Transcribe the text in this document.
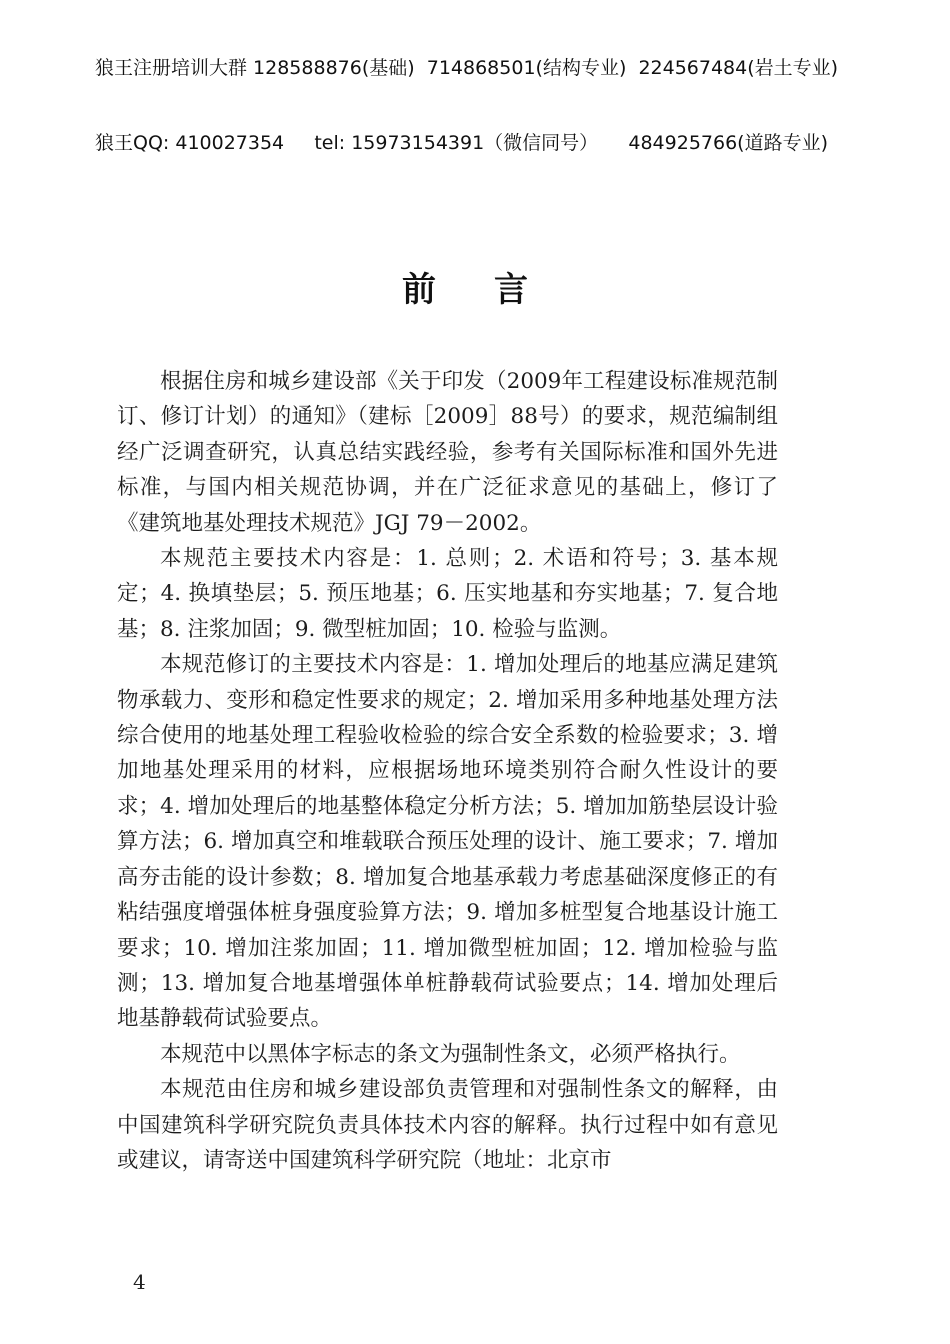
狼王注册培训大群 128588876(基础)  714868501(结构专业)  224567484(岩土专业)

狼王QQ: 410027354     tel: 15973154391（微信同号）     484925766(道路专业)

前言

根据住房和城乡建设部《关于印发（2009年工程建设标准规范制订、修订计划）的通知》（建标［2009］88号）的要求，规范编制组经广泛调查研究，认真总结实践经验，参考有关国际标准和国外先进标准，与国内相关规范协调，并在广泛征求意见的基础上，修订了《建筑地基处理技术规范》JGJ 79－2002。

本规范主要技术内容是：1. 总则；2. 术语和符号；3. 基本规定；4. 换填垫层；5. 预压地基；6. 压实地基和夯实地基；7. 复合地基；8. 注浆加固；9. 微型桩加固；10. 检验与监测。

本规范修订的主要技术内容是：1. 增加处理后的地基应满足建筑物承载力、变形和稳定性要求的规定；2. 增加采用多种地基处理方法综合使用的地基处理工程验收检验的综合安全系数的检验要求；3. 增加地基处理采用的材料，应根据场地环境类别符合耐久性设计的要求；4. 增加处理后的地基整体稳定分析方法；5. 增加加筋垫层设计验算方法；6. 增加真空和堆载联合预压处理的设计、施工要求；7. 增加高夯击能的设计参数；8. 增加复合地基承载力考虑基础深度修正的有粘结强度增强体桩身强度验算方法；9. 增加多桩型复合地基设计施工要求；10. 增加注浆加固；11. 增加微型桩加固；12. 增加检验与监测；13. 增加复合地基增强体单桩静载荷试验要点；14. 增加处理后地基静载荷试验要点。

本规范中以黑体字标志的条文为强制性条文，必须严格执行。

本规范由住房和城乡建设部负责管理和对强制性条文的解释，由中国建筑科学研究院负责具体技术内容的解释。执行过程中如有意见或建议，请寄送中国建筑科学研究院（地址：北京市

4
